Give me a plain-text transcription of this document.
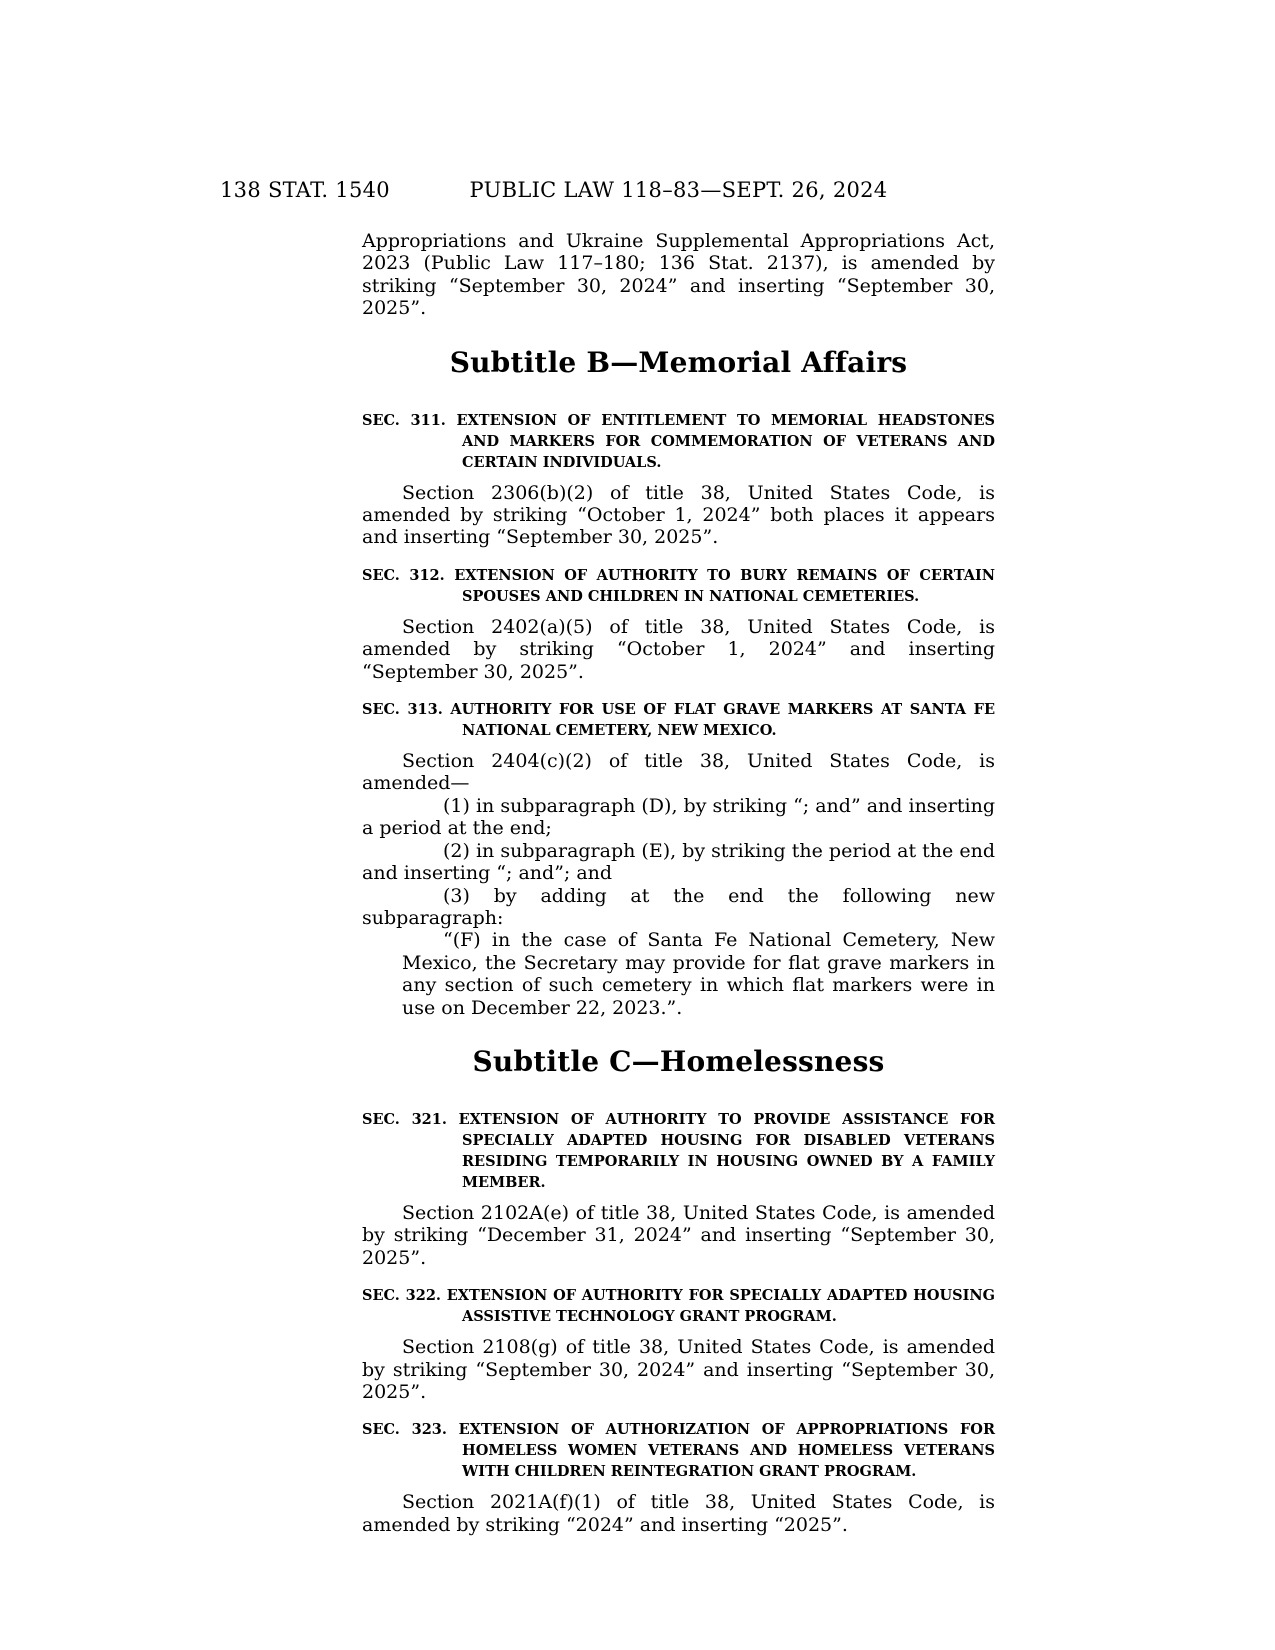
138 STAT. 1540	PUBLIC LAW 118–83—SEPT. 26, 2024

Appropriations and Ukraine Supplemental Appropriations Act, 2023 (Public Law 117–180; 136 Stat. 2137), is amended by striking “September 30, 2024” and inserting “September 30, 2025”.

Subtitle B—Memorial Affairs

SEC. 311. EXTENSION OF ENTITLEMENT TO MEMORIAL HEADSTONES AND MARKERS FOR COMMEMORATION OF VETERANS AND CERTAIN INDIVIDUALS.

Section 2306(b)(2) of title 38, United States Code, is amended by striking “October 1, 2024” both places it appears and inserting “September 30, 2025”.

SEC. 312. EXTENSION OF AUTHORITY TO BURY REMAINS OF CERTAIN SPOUSES AND CHILDREN IN NATIONAL CEMETERIES.

Section 2402(a)(5) of title 38, United States Code, is amended by striking “October 1, 2024” and inserting “September 30, 2025”.

SEC. 313. AUTHORITY FOR USE OF FLAT GRAVE MARKERS AT SANTA FE NATIONAL CEMETERY, NEW MEXICO.

Section 2404(c)(2) of title 38, United States Code, is amended—

(1) in subparagraph (D), by striking “; and” and inserting a period at the end;

(2) in subparagraph (E), by striking the period at the end and inserting “; and”; and

(3) by adding at the end the following new subparagraph:

“(F) in the case of Santa Fe National Cemetery, New Mexico, the Secretary may provide for flat grave markers in any section of such cemetery in which flat markers were in use on December 22, 2023.”.

Subtitle C—Homelessness

SEC. 321. EXTENSION OF AUTHORITY TO PROVIDE ASSISTANCE FOR SPECIALLY ADAPTED HOUSING FOR DISABLED VETERANS RESIDING TEMPORARILY IN HOUSING OWNED BY A FAMILY MEMBER.

Section 2102A(e) of title 38, United States Code, is amended by striking “December 31, 2024” and inserting “September 30, 2025”.

SEC. 322. EXTENSION OF AUTHORITY FOR SPECIALLY ADAPTED HOUSING ASSISTIVE TECHNOLOGY GRANT PROGRAM.

Section 2108(g) of title 38, United States Code, is amended by striking “September 30, 2024” and inserting “September 30, 2025”.

SEC. 323. EXTENSION OF AUTHORIZATION OF APPROPRIATIONS FOR HOMELESS WOMEN VETERANS AND HOMELESS VETERANS WITH CHILDREN REINTEGRATION GRANT PROGRAM.

Section 2021A(f)(1) of title 38, United States Code, is amended by striking “2024” and inserting “2025”.
